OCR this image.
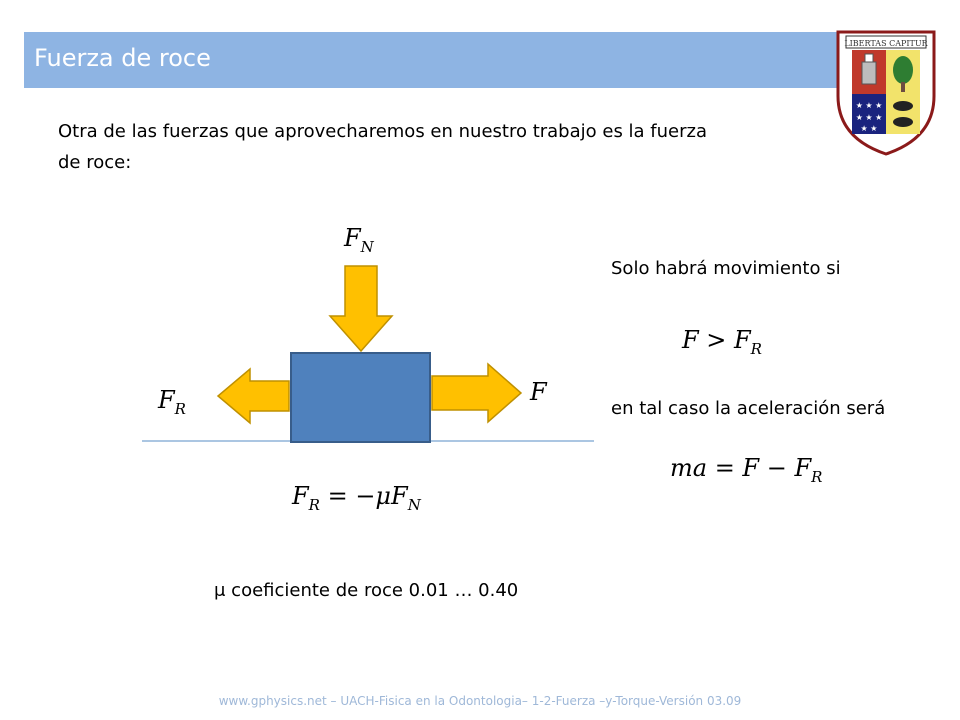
Fuerza de roce
LIBERTAS CAPITUR
★ ★ ★
★ ★ ★
★ ★
Otra de las fuerzas que aprovecharemos en nuestro trabajo es la fuerza de roce:
$F_N$
$F_R$
F
$F_R = -\mu F_N$
Solo habrá movimiento si
$F > F_R$
en tal caso la aceleración será
ma = $F - F_R$
μ coeficiente de roce 0.01 … 0.40
www.gphysics.net – UACH-Fisica en la Odontologia– 1-2-Fuerza –y-Torque-Versión 03.09
